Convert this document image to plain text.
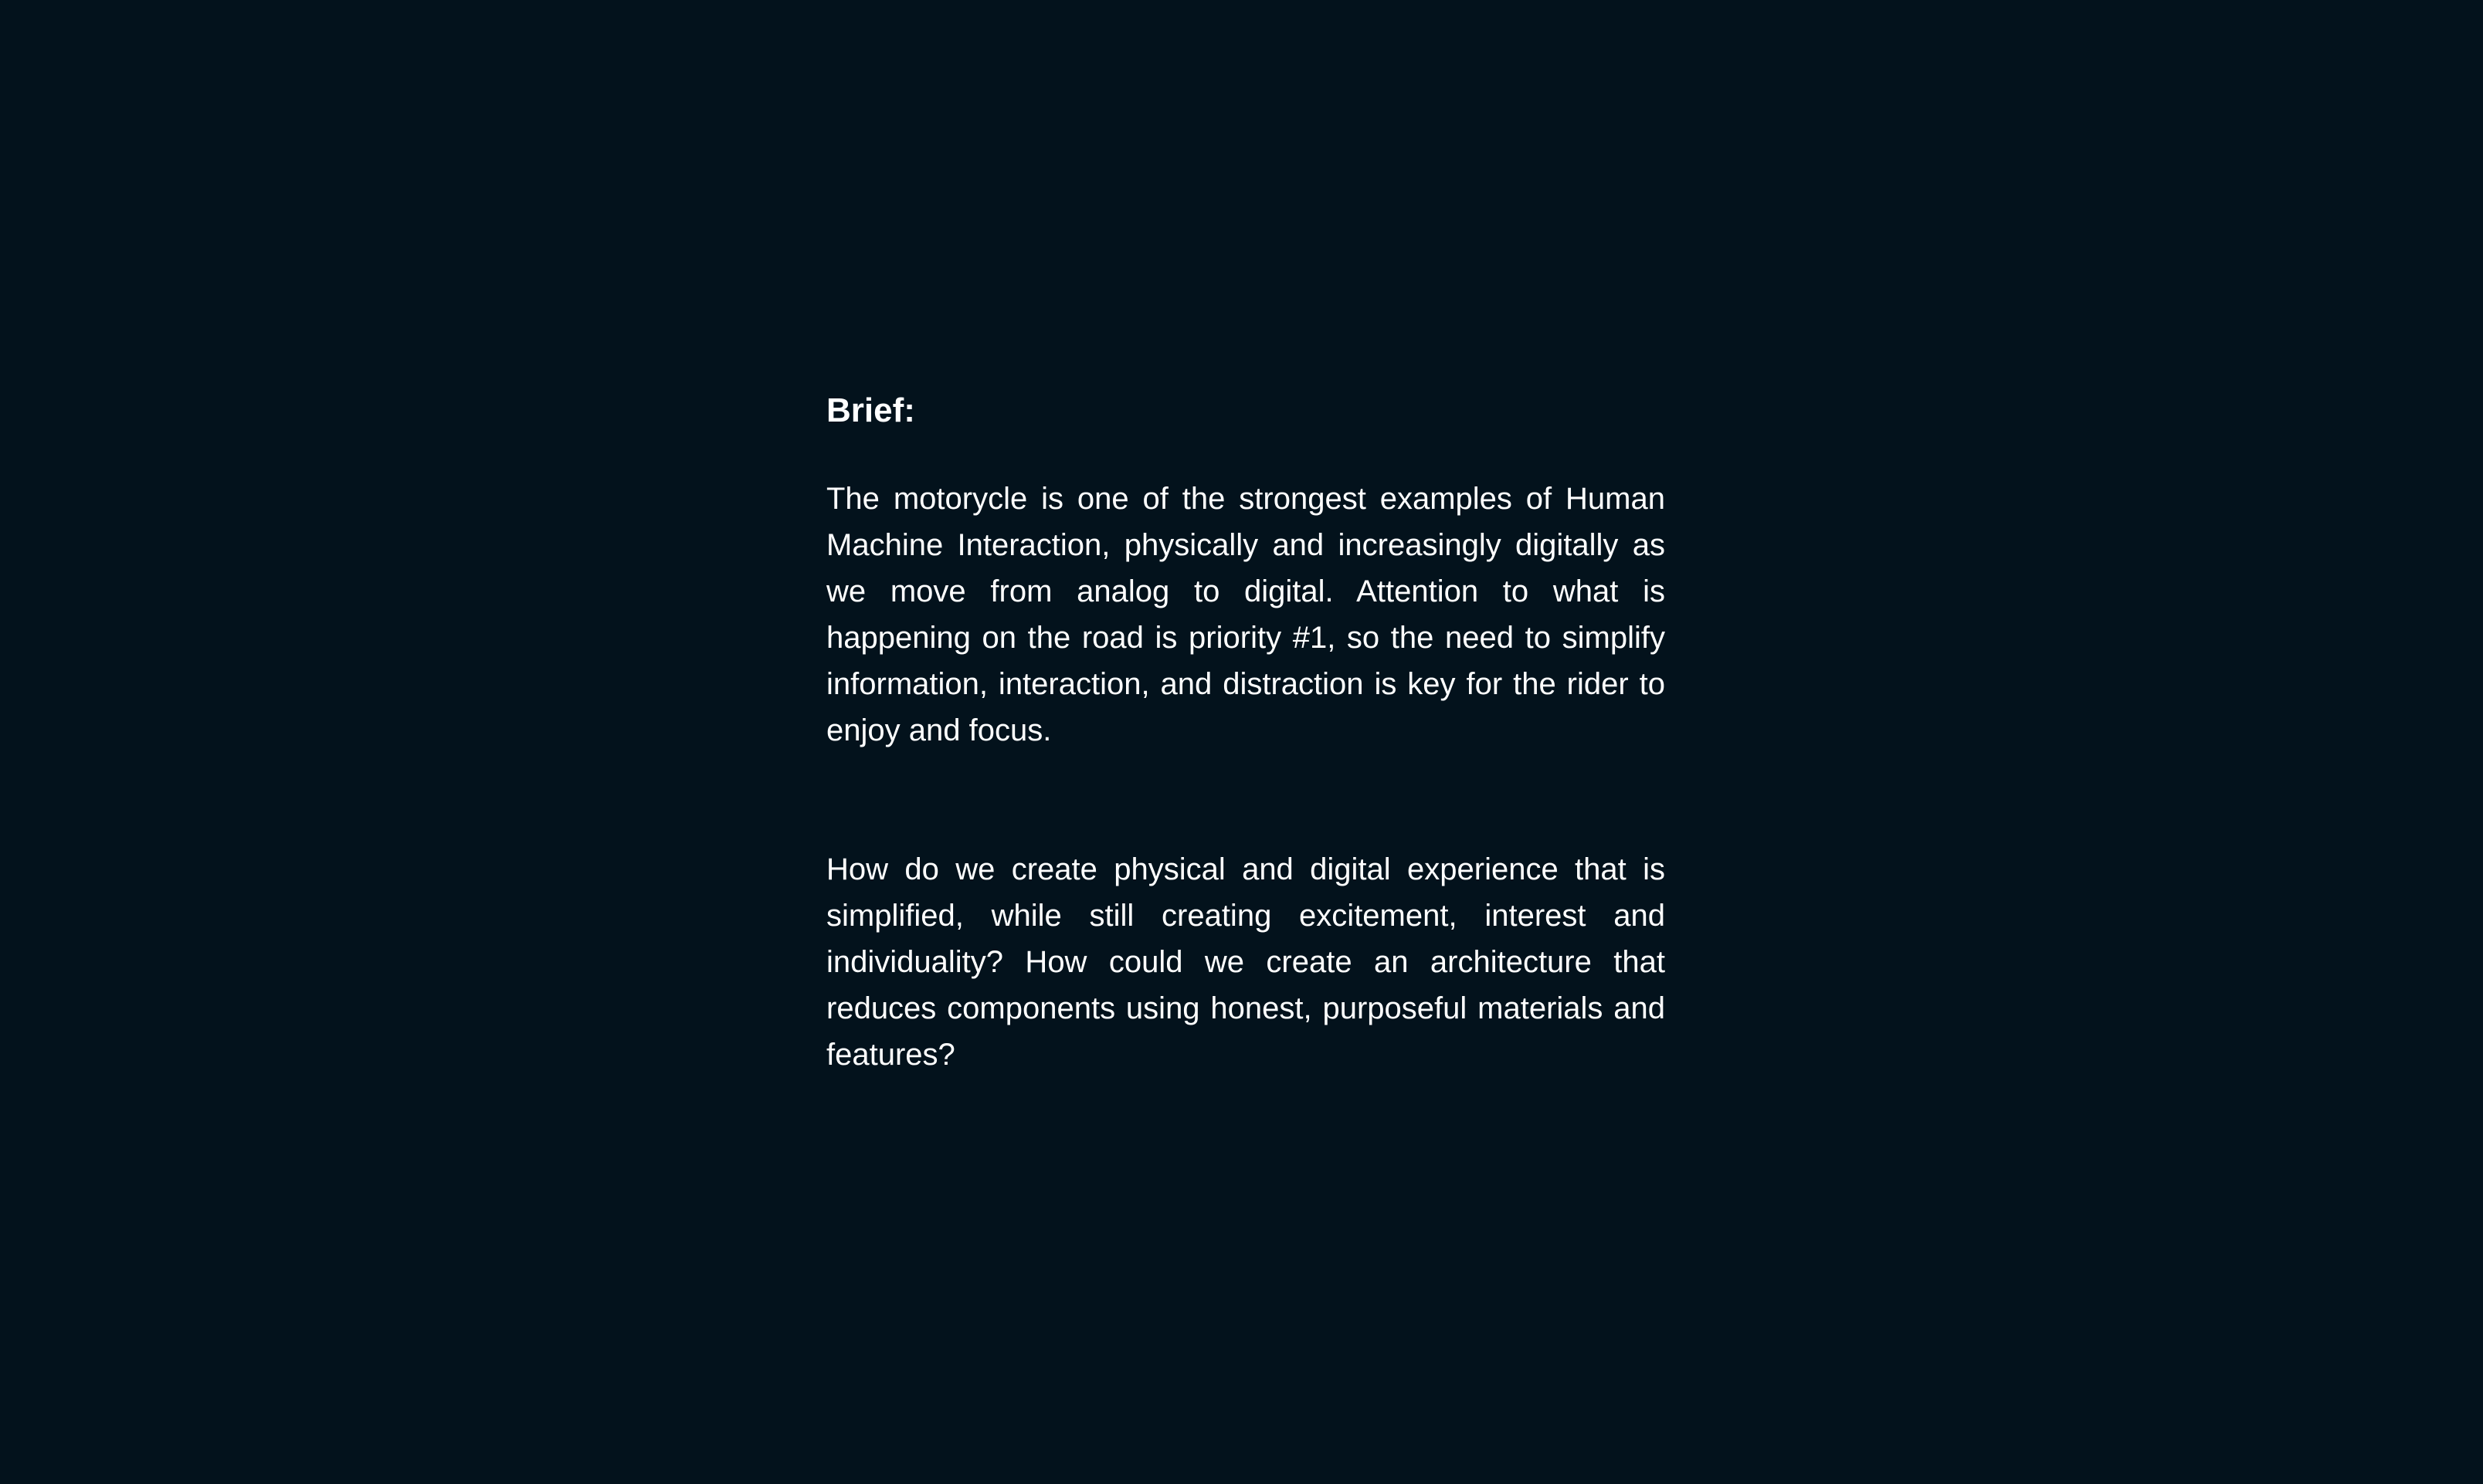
Brief:

The motorycle is one of the strongest examples of Human Machine Interaction, physically and increasingly digitally as we move from analog to digital. Attention to what is happening on the road is priority #1, so the need to simplify information, interaction, and distraction is key for the rider to enjoy and focus.

How do we create physical and digital experience that is simplified, while still creating excitement, interest and individuality? How could we create an architecture that reduces components using honest, purposeful materials and features?
